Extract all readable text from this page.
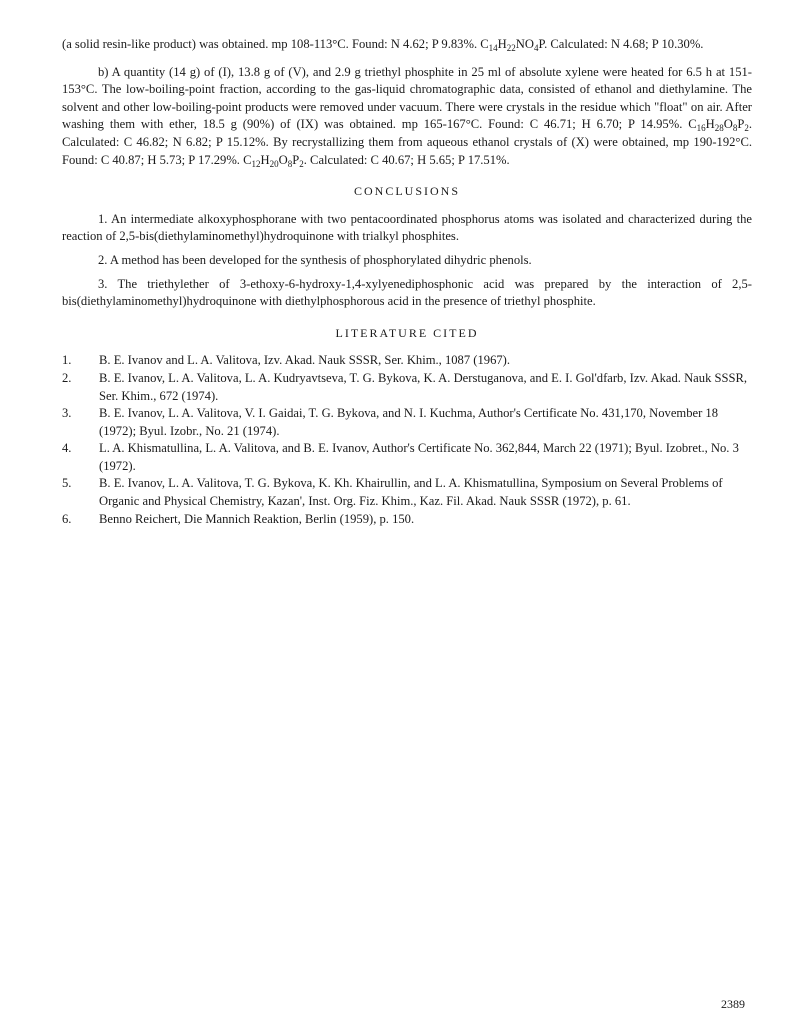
(a solid resin-like product) was obtained. mp 108-113°C. Found: N 4.62; P 9.83%. $C_{14}H_{22}NO_4P$. Calculated: N 4.68; P 10.30%.

b) A quantity (14 g) of (I), 13.8 g of (V), and 2.9 g triethyl phosphite in 25 ml of absolute xylene were heated for 6.5 h at 151-153°C. The low-boiling-point fraction, according to the gas-liquid chromatographic data, consisted of ethanol and diethylamine. The solvent and other low-boiling-point products were removed under vacuum. There were crystals in the residue which "float" on air. After washing them with ether, 18.5 g (90%) of (IX) was obtained. mp 165-167°C. Found: C 46.71; H 6.70; P 14.95%. $C_{16}H_{28}O_8P_2$. Calculated: C 46.82; N 6.82; P 15.12%. By recrystallizing them from aqueous ethanol crystals of (X) were obtained, mp 190-192°C. Found: C 40.87; H 5.73; P 17.29%. $C_{12}H_{20}O_8P_2$. Calculated: C 40.67; H 5.65; P 17.51%.

CONCLUSIONS

1. An intermediate alkoxyphosphorane with two pentacoordinated phosphorus atoms was isolated and characterized during the reaction of 2,5-bis(diethylaminomethyl)hydroquinone with trialkyl phosphites.

2. A method has been developed for the synthesis of phosphorylated dihydric phenols.

3. The triethylether of 3-ethoxy-6-hydroxy-1,4-xylyenediphosphonic acid was prepared by the interaction of 2,5-bis(diethylaminomethyl)hydroquinone with diethylphosphorous acid in the presence of triethyl phosphite.

LITERATURE CITED
1. B. E. Ivanov and L. A. Valitova, Izv. Akad. Nauk SSSR, Ser. Khim., 1087 (1967).
2. B. E. Ivanov, L. A. Valitova, L. A. Kudryavtseva, T. G. Bykova, K. A. Derstuganova, and E. I. Gol'dfarb, Izv. Akad. Nauk SSSR, Ser. Khim., 672 (1974).
3. B. E. Ivanov, L. A. Valitova, V. I. Gaidai, T. G. Bykova, and N. I. Kuchma, Author's Certificate No. 431,170, November 18 (1972); Byul. Izobr., No. 21 (1974).
4. L. A. Khismatullina, L. A. Valitova, and B. E. Ivanov, Author's Certificate No. 362,844, March 22 (1971); Byul. Izobret., No. 3 (1972).
5. B. E. Ivanov, L. A. Valitova, T. G. Bykova, K. Kh. Khairullin, and L. A. Khismatullina, Symposium on Several Problems of Organic and Physical Chemistry, Kazan', Inst. Org. Fiz. Khim., Kaz. Fil. Akad. Nauk SSSR (1972), p. 61.
6. Benno Reichert, Die Mannich Reaktion, Berlin (1959), p. 150.
2389
